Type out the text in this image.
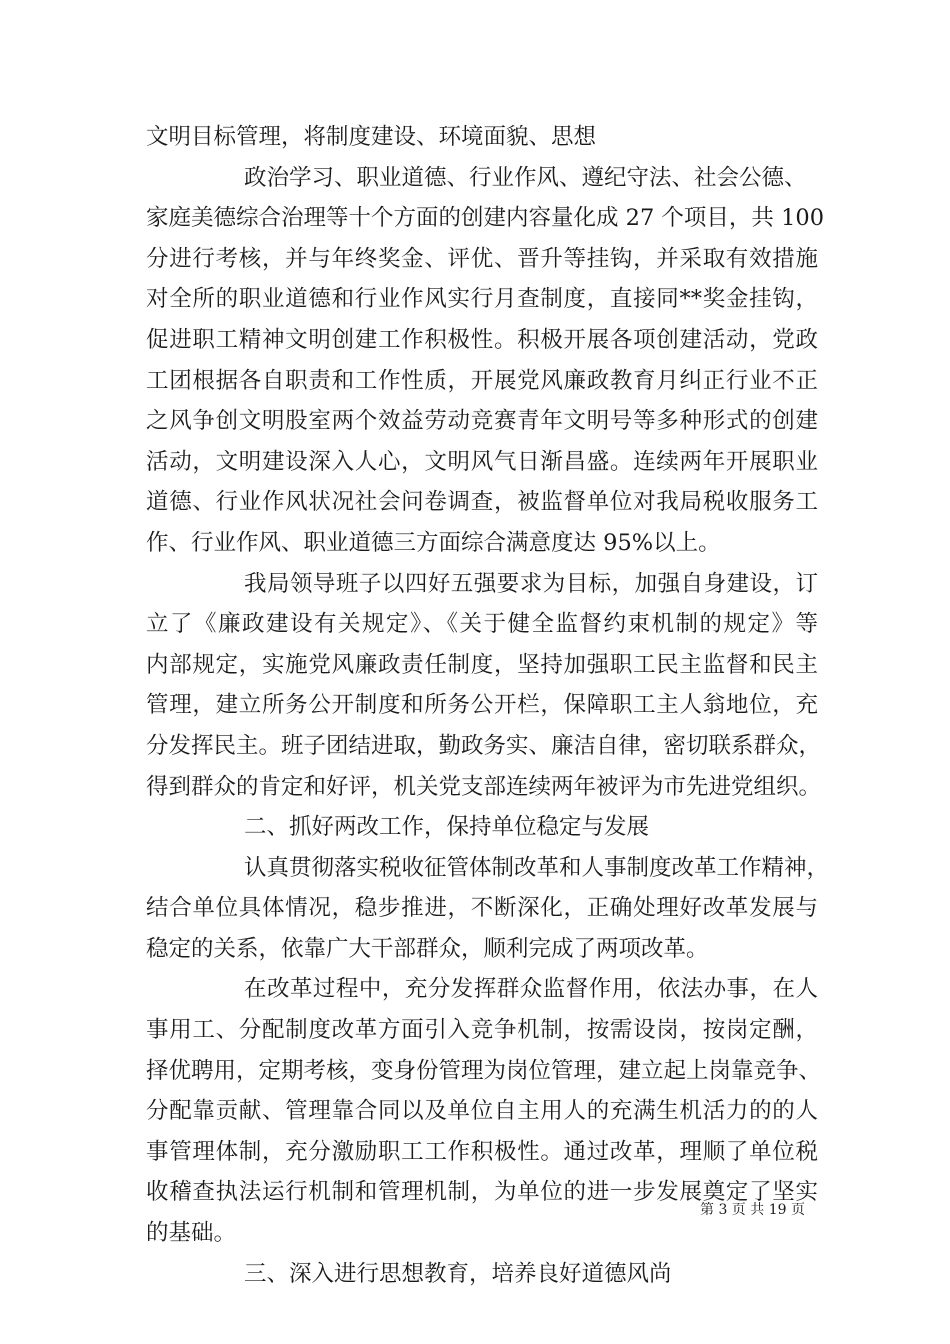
文明目标管理，将制度建设、环境面貌、思想
政治学习、职业道德、行业作风、遵纪守法、社会公德、
家庭美德综合治理等十个方面的创建内容量化成 27 个项目，共 100
分进行考核，并与年终奖金、评优、晋升等挂钩，并采取有效措施
对全所的职业道德和行业作风实行月查制度，直接同**奖金挂钩，
促进职工精神文明创建工作积极性。积极开展各项创建活动，党政
工团根据各自职责和工作性质，开展党风廉政教育月纠正行业不正
之风争创文明股室两个效益劳动竞赛青年文明号等多种形式的创建
活动，文明建设深入人心，文明风气日渐昌盛。连续两年开展职业
道德、行业作风状况社会问卷调查，被监督单位对我局税收服务工
作、行业作风、职业道德三方面综合满意度达 95%以上。
我局领导班子以四好五强要求为目标，加强自身建设，订
立了《廉政建设有关规定》、《关于健全监督约束机制的规定》等
内部规定，实施党风廉政责任制度，坚持加强职工民主监督和民主
管理，建立所务公开制度和所务公开栏，保障职工主人翁地位，充
分发挥民主。班子团结进取，勤政务实、廉洁自律，密切联系群众，
得到群众的肯定和好评，机关党支部连续两年被评为市先进党组织。
二、抓好两改工作，保持单位稳定与发展
认真贯彻落实税收征管体制改革和人事制度改革工作精神，
结合单位具体情况，稳步推进，不断深化，正确处理好改革发展与
稳定的关系，依靠广大干部群众，顺利完成了两项改革。
在改革过程中，充分发挥群众监督作用，依法办事，在人
事用工、分配制度改革方面引入竞争机制，按需设岗，按岗定酬，
择优聘用，定期考核，变身份管理为岗位管理，建立起上岗靠竞争、
分配靠贡献、管理靠合同以及单位自主用人的充满生机活力的的人
事管理体制，充分激励职工工作积极性。通过改革，理顺了单位税
收稽查执法运行机制和管理机制，为单位的进一步发展奠定了坚实
的基础。
三、深入进行思想教育，培养良好道德风尚
第 3 页 共 19 页
